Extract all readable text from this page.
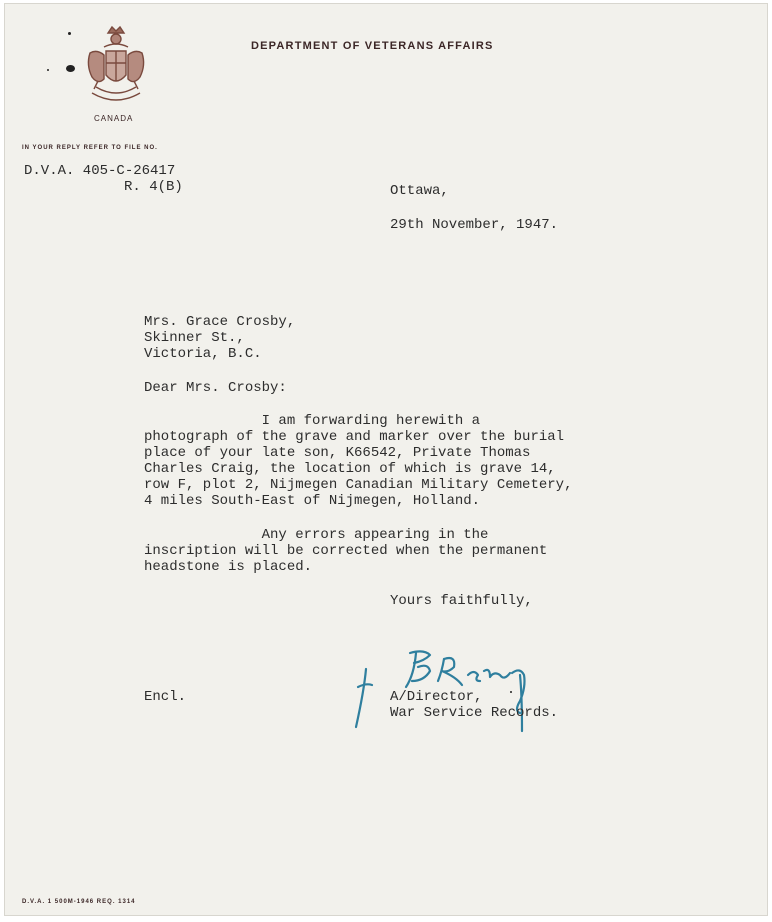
DEPARTMENT OF VETERANS AFFAIRS
CANADA
IN YOUR REPLY REFER TO FILE NO.
D.V.A. 405-C-26417
R. 4(B)	Ottawa,
29th November, 1947.
Mrs. Grace Crosby,
Skinner St.,
Victoria, B.C.
Dear Mrs. Crosby:
I am forwarding herewith a
photograph of the grave and marker over the burial
place of your late son, K66542, Private Thomas
Charles Craig, the location of which is grave 14,
row F, plot 2, Nijmegen Canadian Military Cemetery,
4 miles South-East of Nijmegen, Holland.
Any errors appearing in the
inscription will be corrected when the permanent
headstone is placed.
Yours faithfully,
Encl.	A/Director,
War Service Records.
D.V.A. 1 500M-1946 REQ. 1314
